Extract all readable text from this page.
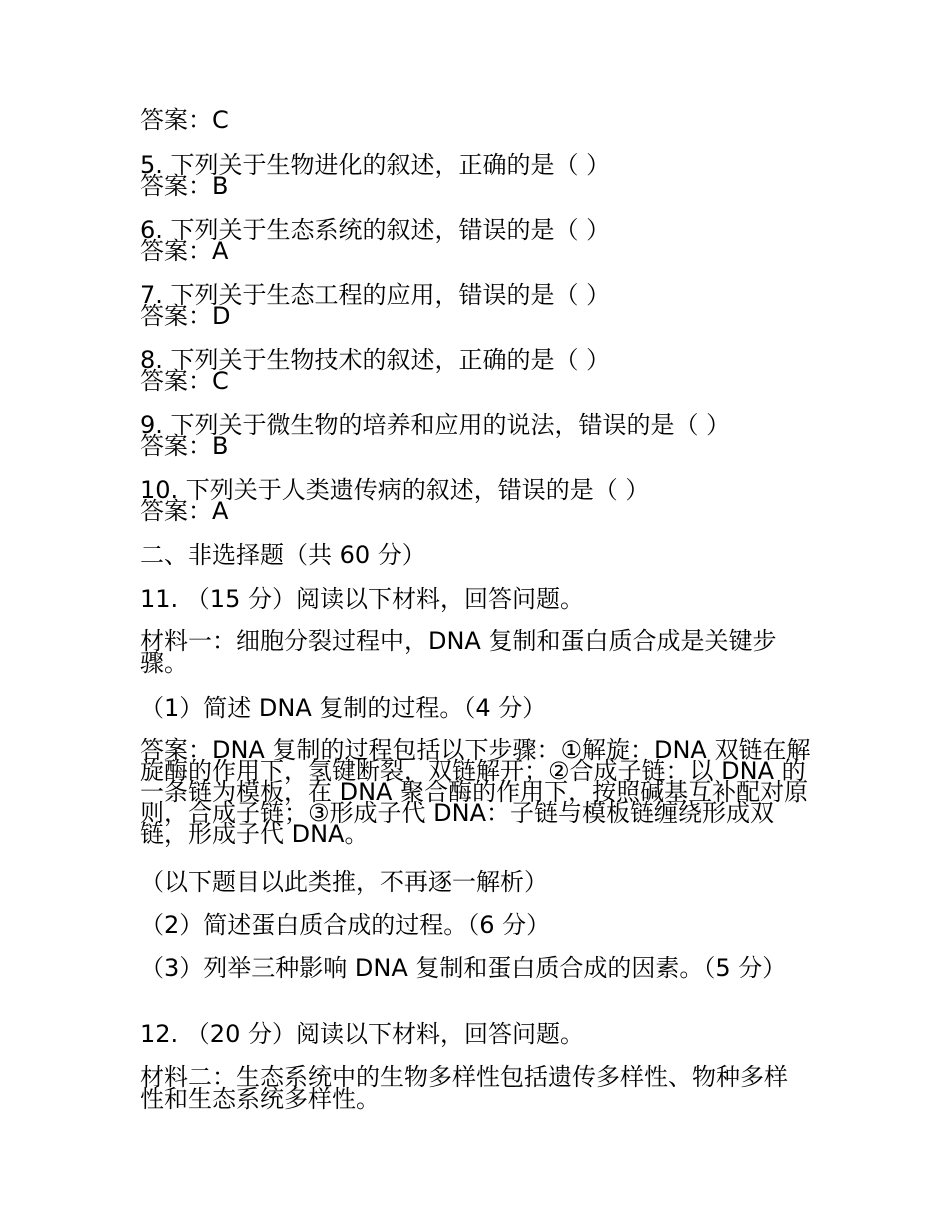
答案：C
5. 下列关于生物进化的叙述，正确的是（ ）
答案：B
6. 下列关于生态系统的叙述，错误的是（ ）
答案：A
7. 下列关于生态工程的应用，错误的是（ ）
答案：D
8. 下列关于生物技术的叙述，正确的是（ ）
答案：C
9. 下列关于微生物的培养和应用的说法，错误的是（ ）
答案：B
10. 下列关于人类遗传病的叙述，错误的是（ ）
答案：A
二、非选择题（共 60 分）
11. （15 分）阅读以下材料，回答问题。
材料一：细胞分裂过程中，DNA 复制和蛋白质合成是关键步骤。
（1）简述 DNA 复制的过程。（4 分）
答案：DNA 复制的过程包括以下步骤：①解旋：DNA 双链在解旋酶的作用下，氢键断裂，双链解开；②合成子链：以 DNA 的一条链为模板，在 DNA 聚合酶的作用下，按照碱基互补配对原则，合成子链；③形成子代 DNA：子链与模板链缠绕形成双链，形成子代 DNA。
（以下题目以此类推，不再逐一解析）
（2）简述蛋白质合成的过程。（6 分）
（3）列举三种影响 DNA 复制和蛋白质合成的因素。（5 分）
12. （20 分）阅读以下材料，回答问题。
材料二：生态系统中的生物多样性包括遗传多样性、物种多样性和生态系统多样性。
